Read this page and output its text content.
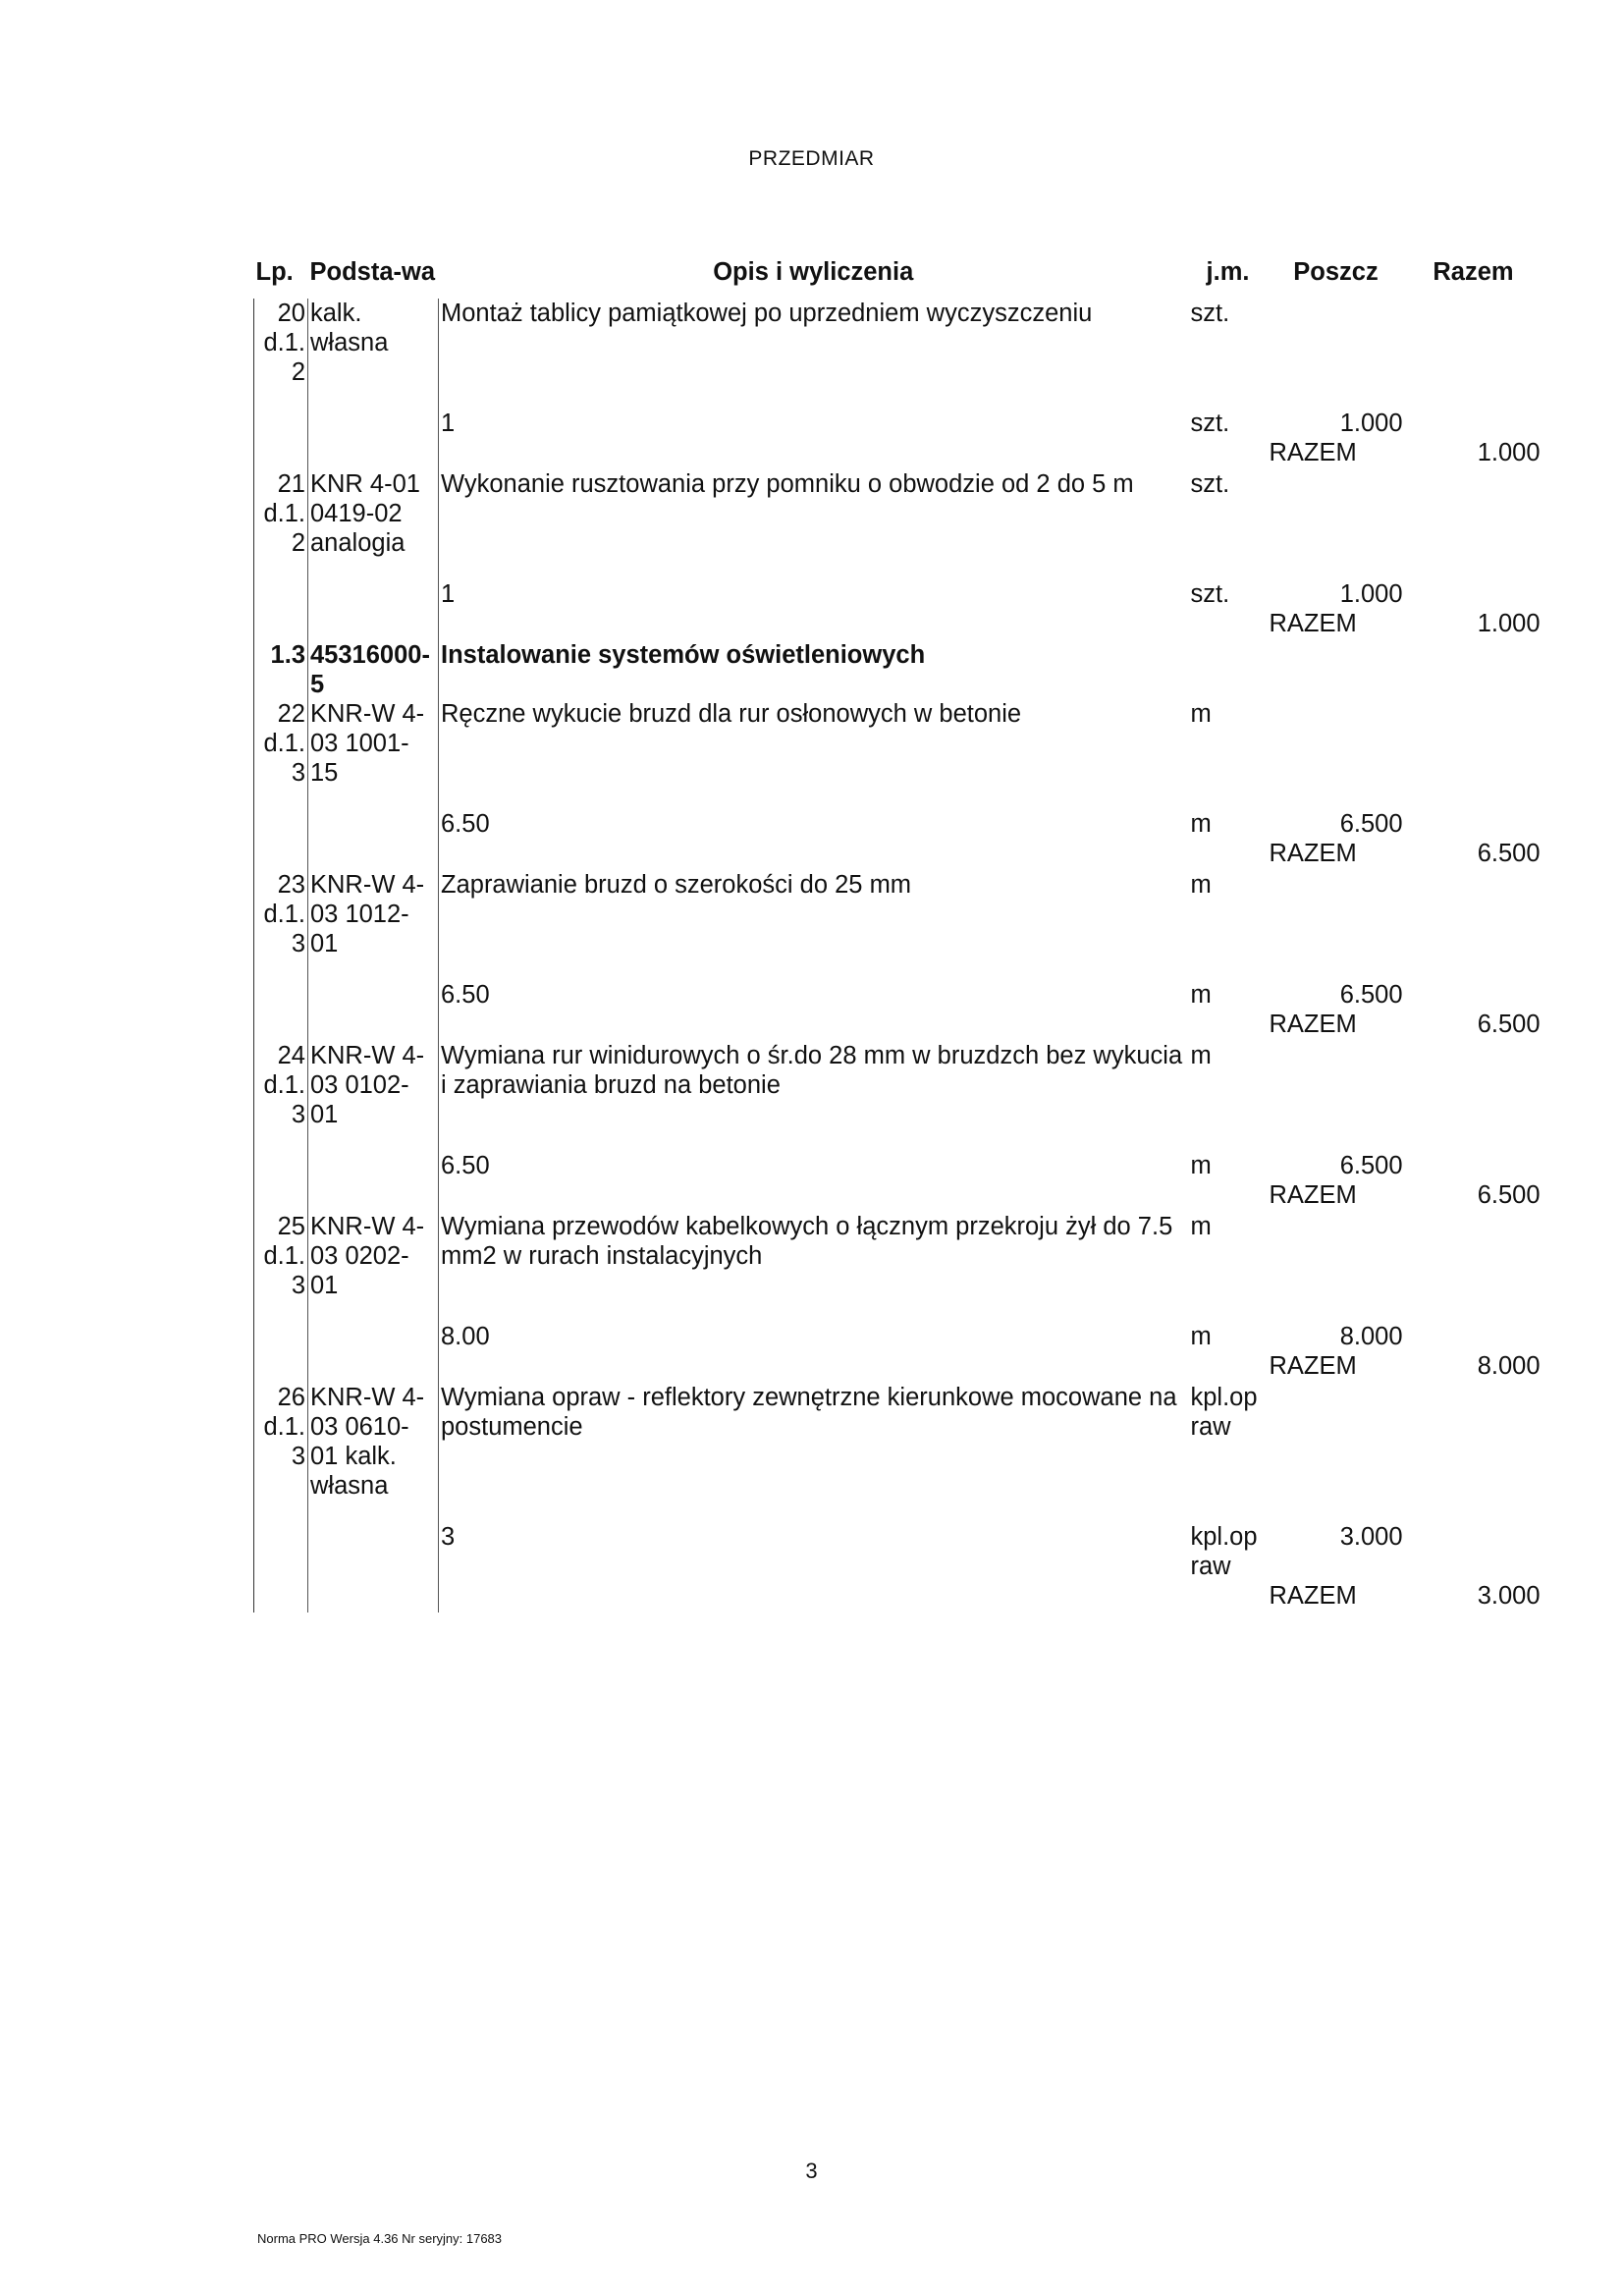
PRZEDMIAR
Lp.	Podsta-wa	Opis i wyliczenia	j.m.	Poszcz	Razem
20 d.1. 2	kalk. własna	Montaż tablicy pamiątkowej po uprzedniem wyczyszczeniu	szt.		
		1	szt.	1.000	
				RAZEM	1.000
21 d.1. 2	KNR 4-01 0419-02 analogia	Wykonanie rusztowania przy pomniku o obwodzie od 2 do 5 m	szt.		
		1	szt.	1.000	
				RAZEM	1.000
1.3	45316000-5	Instalowanie systemów oświetleniowych			
22 d.1. 3	KNR-W 4-03 1001-15	Ręczne wykucie bruzd dla rur osłonowych w betonie	m		
		6.50	m	6.500	
				RAZEM	6.500
23 d.1. 3	KNR-W 4-03 1012-01	Zaprawianie bruzd o szerokości do 25 mm	m		
		6.50	m	6.500	
				RAZEM	6.500
24 d.1. 3	KNR-W 4-03 0102-01	Wymiana rur winidurowych o śr.do 28 mm w bruzdzch bez wykucia i zaprawiania bruzd na betonie	m		
		6.50	m	6.500	
				RAZEM	6.500
25 d.1. 3	KNR-W 4-03 0202-01	Wymiana przewodów kabelkowych o łącznym przekroju żył do 7.5 mm2 w rurach instalacyjnych	m		
		8.00	m	8.000	
				RAZEM	8.000
26 d.1. 3	KNR-W 4-03 0610-01 kalk. własna	Wymiana opraw - reflektory zewnętrzne kierunkowe mocowane na postumencie	kpl.op raw		
		3	kpl.op raw	3.000	
				RAZEM	3.000
3
Norma PRO Wersja 4.36 Nr seryjny: 17683
